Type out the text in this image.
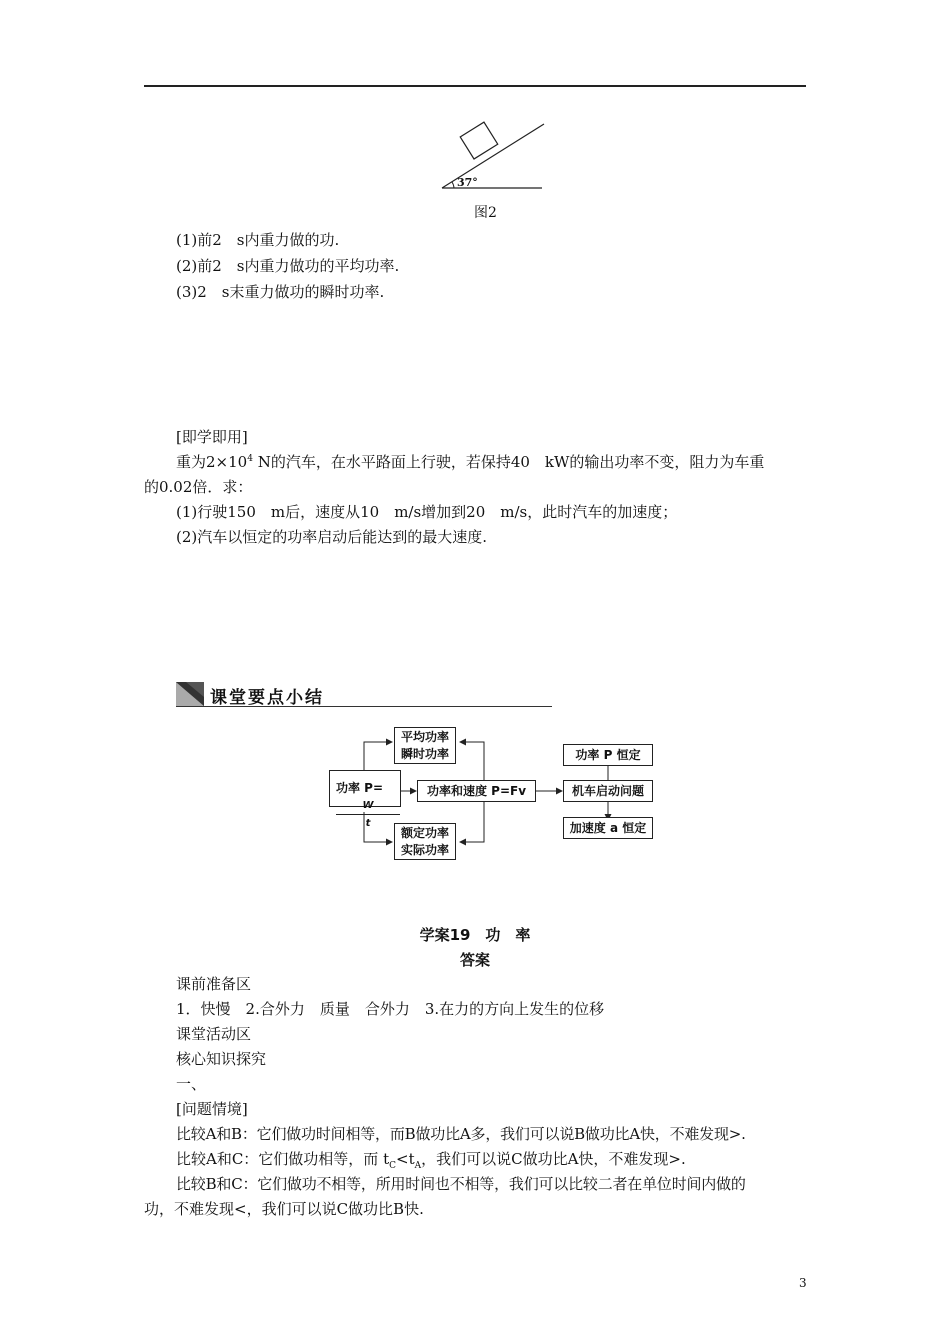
37°
图2
(1)前2　s内重力做的功.
(2)前2　s内重力做功的平均功率.
(3)2　s末重力做功的瞬时功率.
[即学即用]
重为$2\times 10^4$ N的汽车，在水平路面上行驶，若保持40　kW的输出功率不变，阻力为车重
的0.02倍．求：
(1)行驶150　m后，速度从10　m/s增加到20　m/s，此时汽车的加速度；
(2)汽车以恒定的功率启动后能达到的最大速度.
课堂要点小结
平均功率
瞬时功率
功率 P=
W
t
功率和速度 P=Fv
额定功率
实际功率
功率 P 恒定
机车启动问题
加速度 a 恒定
学案19　功　率
答案
课前准备区
1．快慢　2.合外力　质量　合外力　3.在力的方向上发生的位移
课堂活动区
核心知识探究
一、
[问题情境]
比较A和B：它们做功时间相等，而B做功比A多，我们可以说B做功比A快，不难发现>.
比较A和C：它们做功相等，而 $t_C<t_A$，我们可以说C做功比A快，不难发现>.
比较B和C：它们做功不相等，所用时间也不相等，我们可以比较二者在单位时间内做的
功，不难发现<，我们可以说C做功比B快.
3
